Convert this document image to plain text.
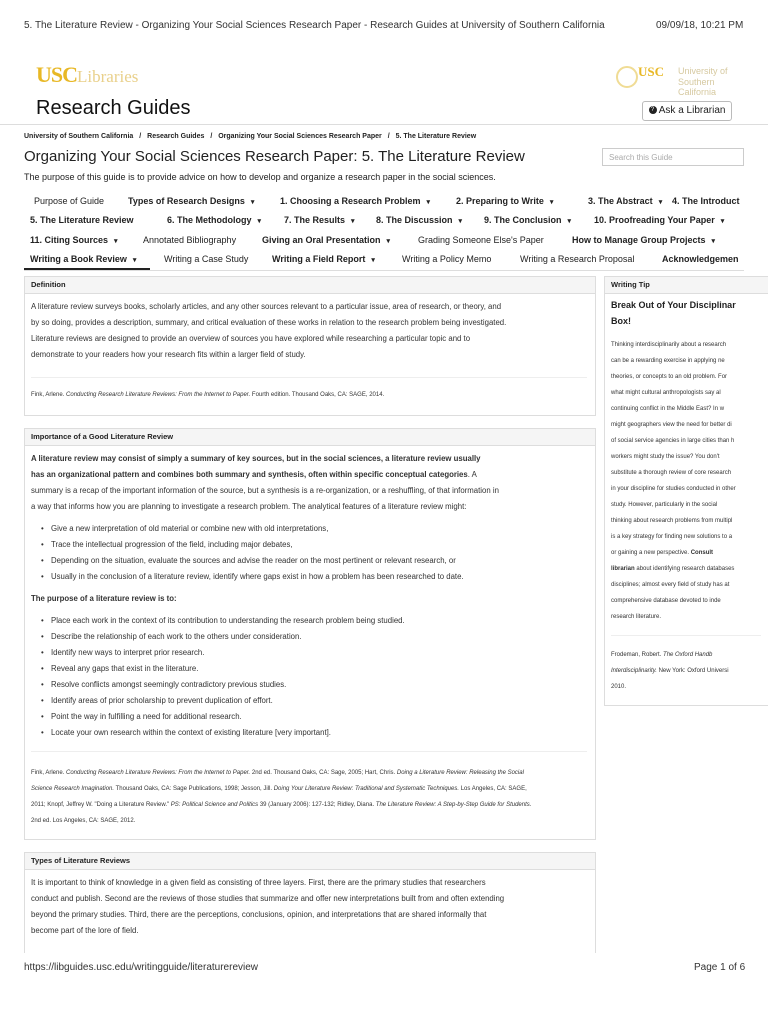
5. The Literature Review - Organizing Your Social Sciences Research Paper - Research Guides at University of Southern California	09/09/18, 10:21 PM
USCLibraries	USC University of
Southern California
Research Guides	? Ask a Librarian
University of Southern California / Research Guides / Organizing Your Social Sciences Research Paper / 5. The Literature Review
Organizing Your Social Sciences Research Paper: 5. The Literature Review	Search this Guide
The purpose of this guide is to provide advice on how to develop and organize a research paper in the social sciences.
Purpose of Guide	Types of Research Designs ▾	1. Choosing a Research Problem ▾	2. Preparing to Write ▾	3. The Abstract ▾ 4. The Introduct
5. The Literature Review	6. The Methodology ▾	7. The Results ▾ 8. The Discussion ▾ 9. The Conclusion ▾	10. Proofreading Your Paper ▾
11. Citing Sources ▾	Annotated Bibliography	Giving an Oral Presentation ▾	Grading Someone Else's Paper	How to Manage Group Projects ▾
Writing a Book Review ▾	Writing a Case Study	Writing a Field Report ▾	Writing a Policy Memo	Writing a Research Proposal	Acknowledgemen
Definition
A literature review surveys books, scholarly articles, and any other sources relevant to a particular issue, area of research, or theory, and
by so doing, provides a description, summary, and critical evaluation of these works in relation to the research problem being investigated.
Literature reviews are designed to provide an overview of sources you have explored while researching a particular topic and to
demonstrate to your readers how your research fits within a larger field of study.
Fink, Arlene. Conducting Research Literature Reviews: From the Internet to Paper. Fourth edition. Thousand Oaks, CA: SAGE, 2014.
Importance of a Good Literature Review
A literature review may consist of simply a summary of key sources, but in the social sciences, a literature review usually
has an organizational pattern and combines both summary and synthesis, often within specific conceptual categories. A
summary is a recap of the important information of the source, but a synthesis is a re-organization, or a reshuffling, of that information in
a way that informs how you are planning to investigate a research problem. The analytical features of a literature review might:
• Give a new interpretation of old material or combine new with old interpretations,
• Trace the intellectual progression of the field, including major debates,
• Depending on the situation, evaluate the sources and advise the reader on the most pertinent or relevant research, or
• Usually in the conclusion of a literature review, identify where gaps exist in how a problem has been researched to date.
The purpose of a literature review is to:
• Place each work in the context of its contribution to understanding the research problem being studied.
• Describe the relationship of each work to the others under consideration.
• Identify new ways to interpret prior research.
• Reveal any gaps that exist in the literature.
• Resolve conflicts amongst seemingly contradictory previous studies.
• Identify areas of prior scholarship to prevent duplication of effort.
• Point the way in fulfilling a need for additional research.
• Locate your own research within the context of existing literature [very important].
Fink, Arlene. Conducting Research Literature Reviews: From the Internet to Paper. 2nd ed. Thousand Oaks, CA: Sage, 2005; Hart, Chris. Doing a Literature Review: Releasing the Social
Science Research Imagination. Thousand Oaks, CA: Sage Publications, 1998; Jesson, Jill. Doing Your Literature Review: Traditional and Systematic Techniques. Los Angeles, CA: SAGE,
2011; Knopf, Jeffrey W. "Doing a Literature Review." PS: Political Science and Politics 39 (January 2006): 127-132; Ridley, Diana. The Literature Review: A Step-by-Step Guide for Students.
2nd ed. Los Angeles, CA: SAGE, 2012.
Types of Literature Reviews
It is important to think of knowledge in a given field as consisting of three layers. First, there are the primary studies that researchers
conduct and publish. Second are the reviews of those studies that summarize and offer new interpretations built from and often extending
beyond the primary studies. Third, there are the perceptions, conclusions, opinion, and interpretations that are shared informally that
become part of the lore of field.
Writing Tip
Break Out of Your Disciplinar
Box!
Thinking interdisciplinarily about a research
can be a rewarding exercise in applying ne
theories, or concepts to an old problem. For
what might cultural anthropologists say al
continuing conflict in the Middle East? In w
might geographers view the need for better di
of social service agencies in large cities than h
workers might study the issue? You don't
substitute a thorough review of core research
in your discipline for studies conducted in other
study. However, particularly in the social
thinking about research problems from multipl
is a key strategy for finding new solutions to a
or gaining a new perspective. Consult
librarian about identifying research databases
disciplines; almost every field of study has at
comprehensive database devoted to inde
research literature.
Frodeman, Robert. The Oxford Handb
Interdisciplinarity. New York: Oxford Universi
2010.
https://libguides.usc.edu/writingguide/literaturereview	Page 1 of 6
